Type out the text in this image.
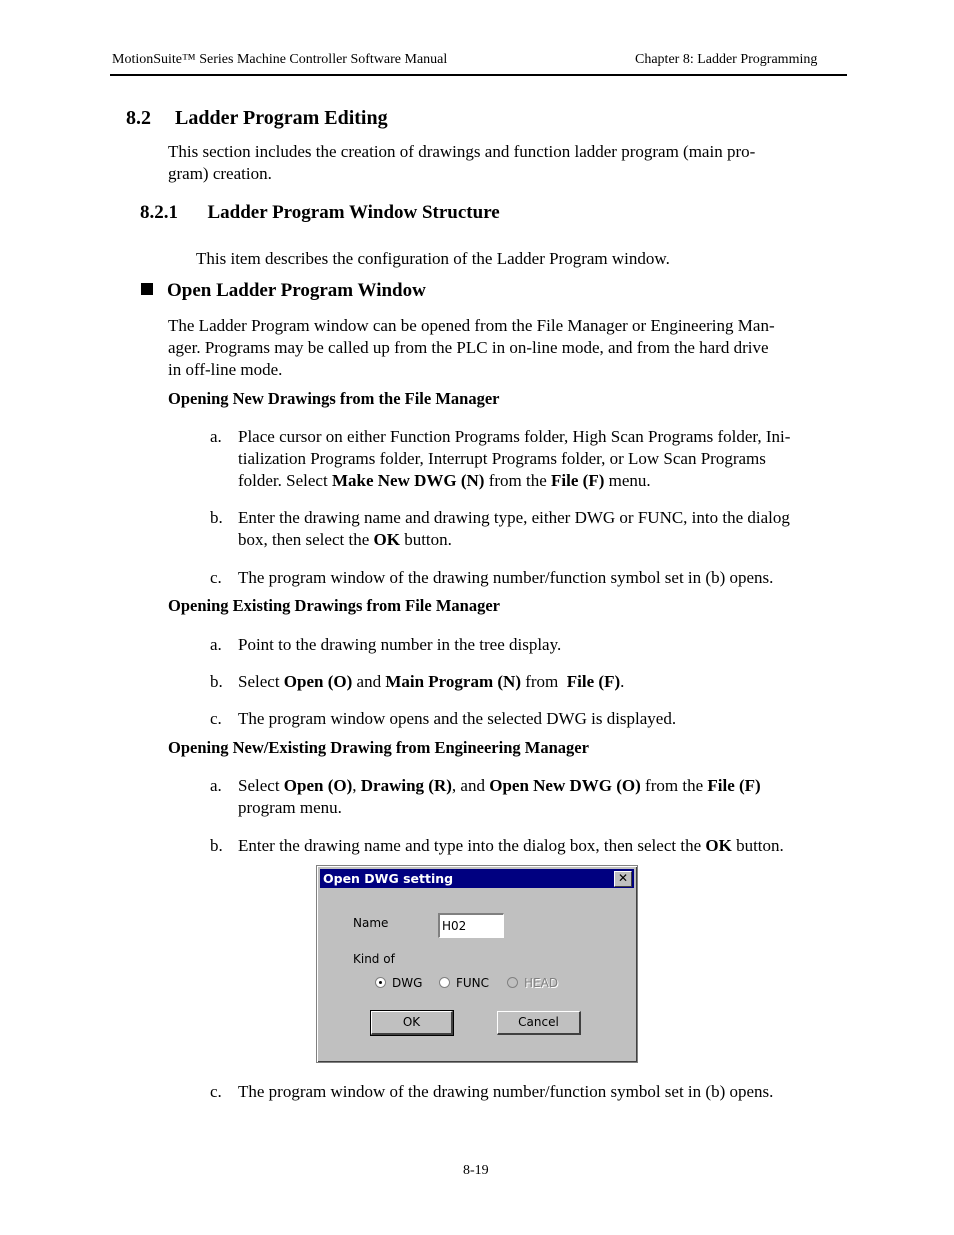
MotionSuite™ Series Machine Controller Software Manual	Chapter 8: Ladder Programming
8.2 Ladder Program Editing
This section includes the creation of drawings and function ladder program (main pro-
gram) creation.
8.2.1 Ladder Program Window Structure
This item describes the configuration of the Ladder Program window.
Open Ladder Program Window
The Ladder Program window can be opened from the File Manager or Engineering Man-
ager. Programs may be called up from the PLC in on-line mode, and from the hard drive
in off-line mode.
Opening New Drawings from the File Manager
a. Place cursor on either Function Programs folder, High Scan Programs folder, Ini-
tialization Programs folder, Interrupt Programs folder, or Low Scan Programs
folder. Select Make New DWG (N) from the File (F) menu.
b. Enter the drawing name and drawing type, either DWG or FUNC, into the dialog
box, then select the OK button.
c. The program window of the drawing number/function symbol set in (b) opens.
Opening Existing Drawings from File Manager
a. Point to the drawing number in the tree display.
b. Select Open (O) and Main Program (N) from  File (F).
c. The program window opens and the selected DWG is displayed.
Opening New/Existing Drawing from Engineering Manager
a. Select Open (O), Drawing (R), and Open New DWG (O) from the File (F)
program menu.
b. Enter the drawing name and type into the dialog box, then select the OK button.
Open DWG setting	✕
Name	H02
Kind of
DWG	FUNC	HEAD
OK	Cancel
c. The program window of the drawing number/function symbol set in (b) opens.
8-19
